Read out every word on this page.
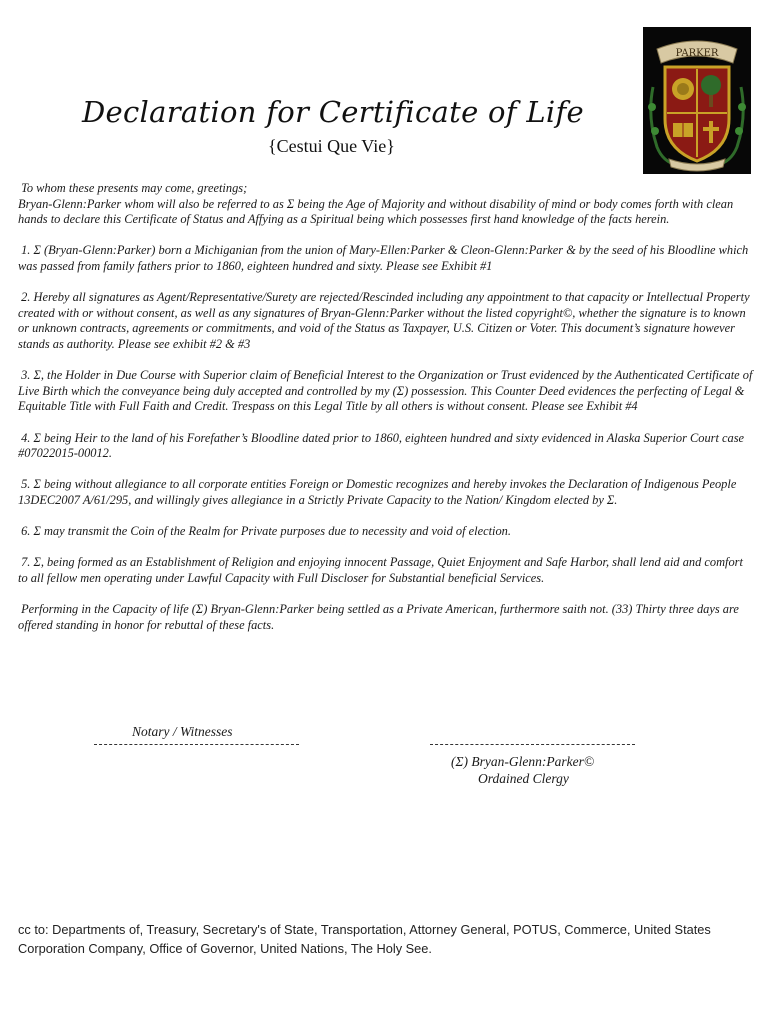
Declaration for Certificate of Life
{Cestui Que Vie}
PARKER

To whom these presents may come, greetings;
Bryan-Glenn:Parker whom will also be referred to as Σ being the Age of Majority and without disability of mind or body comes forth with clean hands to declare this Certificate of Status and Affying as a Spiritual being which possesses first hand knowledge of the facts herein.

1. Σ (Bryan-Glenn:Parker) born a Michiganian from the union of Mary-Ellen:Parker & Cleon-Glenn:Parker & by the seed of his Bloodline which was passed from family fathers prior to 1860, eighteen hundred and sixty. Please see Exhibit #1

2. Hereby all signatures as Agent/Representative/Surety are rejected/Rescinded including any appointment to that capacity or Intellectual Property created with or without consent, as well as any signatures of Bryan-Glenn:Parker without the listed copyright©, whether the signature is to known or unknown contracts, agreements or commitments, and void of the Status as Taxpayer, U.S. Citizen or Voter. This document’s signature however stands as authority. Please see exhibit #2 & #3

3. Σ, the Holder in Due Course with Superior claim of Beneficial Interest to the Organization or Trust evidenced by the Authenticated Certificate of Live Birth which the conveyance being duly accepted and controlled by my (Σ) possession. This Counter Deed evidences the perfecting of Legal & Equitable Title with Full Faith and Credit. Trespass on this Legal Title by all others is without consent. Please see Exhibit #4

4. Σ being Heir to the land of his Forefather’s Bloodline dated prior to 1860, eighteen hundred and sixty evidenced in Alaska Superior Court case #07022015-00012.

5. Σ being without allegiance to all corporate entities Foreign or Domestic recognizes and hereby invokes the Declaration of Indigenous People 13DEC2007 A/61/295, and willingly gives allegiance in a Strictly Private Capacity to the Nation/ Kingdom elected by Σ.

6. Σ may transmit the Coin of the Realm for Private purposes due to necessity and void of election.

7. Σ, being formed as an Establishment of Religion and enjoying innocent Passage, Quiet Enjoyment and Safe Harbor, shall lend aid and comfort to all fellow men operating under Lawful Capacity with Full Discloser for Substantial beneficial Services.

Performing in the Capacity of life (Σ) Bryan-Glenn:Parker being settled as a Private American, furthermore saith not. (33) Thirty three days are offered standing in honor for rebuttal of these facts.

Notary / Witnesses
(Σ) Bryan-Glenn:Parker©
Ordained Clergy
cc to: Departments of, Treasury, Secretary's of State, Transportation, Attorney General, POTUS, Commerce, United States Corporation Company, Office of Governor, United Nations, The Holy See.
